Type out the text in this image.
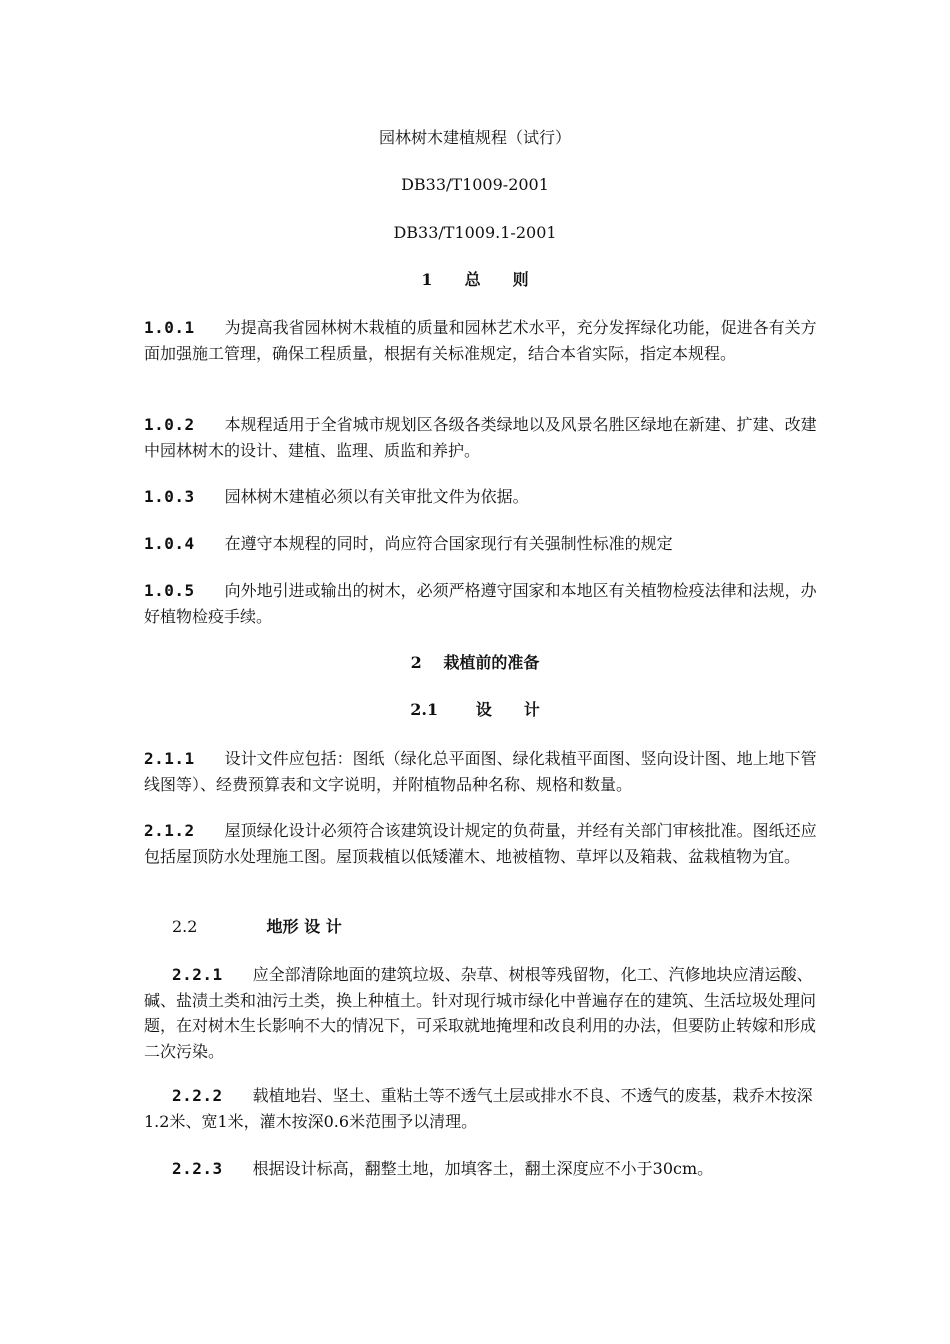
园林树木建植规程（试行）
DB33/T1009-2001
DB33/T1009.1-2001
1　　 总　　则
1.0.1 为提高我省园林树木栽植的质量和园林艺术水平，充分发挥绿化功能，促进各有关方面加强施工管理，确保工程质量，根据有关标准规定，结合本省实际，指定本规程。
1.0.2 本规程适用于全省城市规划区各级各类绿地以及风景名胜区绿地在新建、扩建、改建中园林树木的设计、建植、监理、质监和养护。
1.0.3 园林树木建植必须以有关审批文件为依据。
1.0.4 在遵守本规程的同时，尚应符合国家现行有关强制性标准的规定
1.0.5 向外地引进或输出的树木，必须严格遵守国家和本地区有关植物检疫法律和法规，办好植物检疫手续。
2　 栽植前的准备
2.1　　 设　　计
2.1.1 设计文件应包括：图纸（绿化总平面图、绿化栽植平面图、竖向设计图、地上地下管线图等）、经费预算表和文字说明，并附植物品种名称、规格和数量。
2.1.2 屋顶绿化设计必须符合该建筑设计规定的负荷量，并经有关部门审核批准。图纸还应包括屋顶防水处理施工图。屋顶栽植以低矮灌木、地被植物、草坪以及箱栽、盆栽植物为宜。
2.2　　　　	地形 设 计
2.2.1 应全部清除地面的建筑垃圾、杂草、树根等残留物，化工、汽修地块应清运酸、碱、盐渍土类和油污土类，换上种植土。针对现行城市绿化中普遍存在的建筑、生活垃圾处理问题，在对树木生长影响不大的情况下，可采取就地掩埋和改良利用的办法，但要防止转嫁和形成二次污染。
2.2.2 载植地岩、坚土、重粘土等不透气土层或排水不良、不透气的废基，栽乔木按深1.2米、宽1米，灌木按深0.6米范围予以清理。
2.2.3 根据设计标高，翻整土地，加填客土，翻土深度应不小于30cm。
